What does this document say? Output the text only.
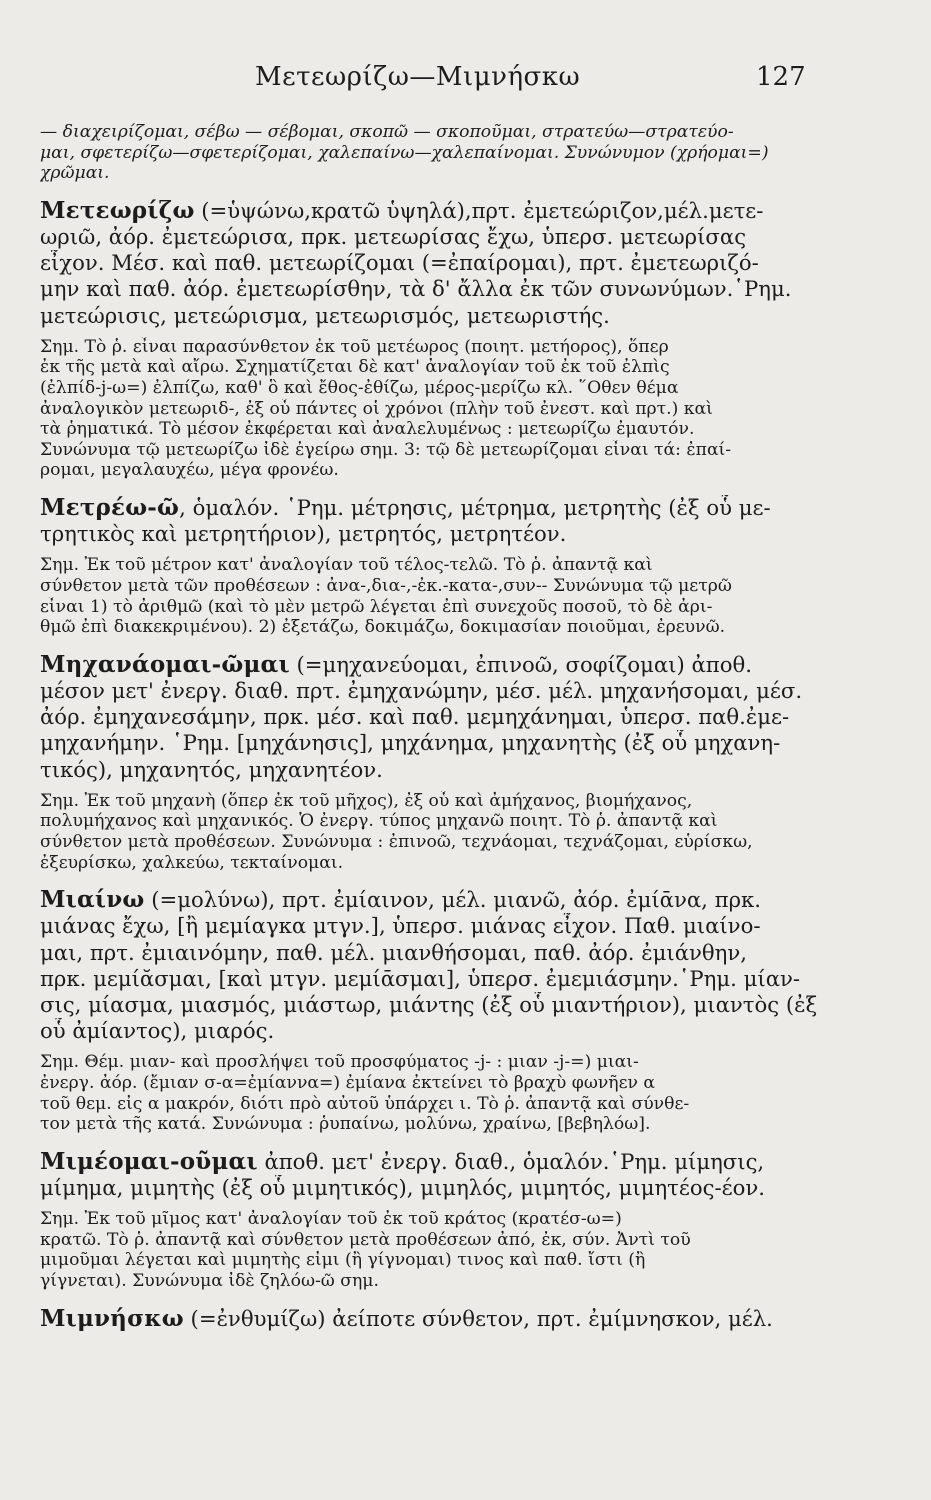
Μετεωρίζω—Μιμνήσκω	127
— διαχειρίζομαι, σέβω — σέβομαι, σκοπῶ — σκοποῦμαι, στρατεύω—στρατεύο-
μαι, σφετερίζω—σφετερίζομαι, χαλεπαίνω—χαλεπαίνομαι. Συνώνυμον (χρήομαι=)
χρῶμαι.
Μετεωρίζω (=ὑψώνω,κρατῶ ὑψηλά),πρτ. ἐμετεώριζον,μέλ.μετε-
ωριῶ, ἀόρ. ἐμετεώρισα, πρκ. μετεωρίσας ἔχω, ὑπερσ. μετεωρίσας
εἶχον. Μέσ. καὶ παθ. μετεωρίζομαι (=ἐπαίρομαι), πρτ. ἐμετεωριζό-
μην καὶ παθ. ἀόρ. ἐμετεωρίσθην, τὰ δ' ἄλλα ἐκ τῶν συνωνύμων.῾Ρημ.
μετεώρισις, μετεώρισμα, μετεωρισμός, μετεωριστής.
Σημ. Τὸ ῥ. εἶναι παρασύνθετον ἐκ τοῦ μετέωρος (ποιητ. μετήορος), ὅπερ
ἐκ τῆς μετὰ καὶ αἴρω. Σχηματίζεται δὲ κατ' ἀναλογίαν τοῦ ἐκ τοῦ ἐλπὶς
(ἐλπίδ-j-ω=) ἐλπίζω, καθ' ὃ καὶ ἔθος-ἐθίζω, μέρος-μερίζω κλ. ῞Οθεν θέμα
ἀναλογικὸν μετεωριδ-, ἐξ οὗ πάντες οἱ χρόνοι (πλὴν τοῦ ἐνεστ. καὶ πρτ.) καὶ
τὰ ῥηματικά. Τὸ μέσον ἐκφέρεται καὶ ἀναλελυμένως : μετεωρίζω ἐμαυτόν.
Συνώνυμα τῷ μετεωρίζω ἰδὲ ἐγείρω σημ. 3: τῷ δὲ μετεωρίζομαι εἶναι τά: ἐπαί-
ρομαι, μεγαλαυχέω, μέγα φρονέω.
Μετρέω-ῶ, ὁμαλόν. ῾Ρημ. μέτρησις, μέτρημα, μετρητὴς (ἐξ οὗ με-
τρητικὸς καὶ μετρητήριον), μετρητός, μετρητέον.
Σημ. Ἐκ τοῦ μέτρον κατ' ἀναλογίαν τοῦ τέλος-τελῶ. Τὸ ῥ. ἀπαντᾷ καὶ
σύνθετον μετὰ τῶν προθέσεων : ἀνα-,δια-,-ἐκ.-κατα-,συν-- Συνώνυμα τῷ μετρῶ
εἶναι 1) τὸ ἀριθμῶ (καὶ τὸ μὲν μετρῶ λέγεται ἐπὶ συνεχοῦς ποσοῦ, τὸ δὲ ἀρι-
θμῶ ἐπὶ διακεκριμένου). 2) ἐξετάζω, δοκιμάζω, δοκιμασίαν ποιοῦμαι, ἐρευνῶ.
Μηχανάομαι-ῶμαι (=μηχανεύομαι, ἐπινοῶ, σοφίζομαι) ἀποθ.
μέσον μετ' ἐνεργ. διαθ. πρτ. ἐμηχανώμην, μέσ. μέλ. μηχανήσομαι, μέσ.
ἀόρ. ἐμηχανεσάμην, πρκ. μέσ. καὶ παθ. μεμηχάνημαι, ὑπερσ. παθ.ἐμε-
μηχανήμην. ῾Ρημ. [μηχάνησις], μηχάνημα, μηχανητὴς (ἐξ οὗ μηχανη-
τικός), μηχανητός, μηχανητέον.
Σημ. Ἐκ τοῦ μηχανὴ (ὅπερ ἐκ τοῦ μῆχος), ἐξ οὗ καὶ ἀμήχανος, βιομήχανος,
πολυμήχανος καὶ μηχανικός. Ὁ ἐνεργ. τύπος μηχανῶ ποιητ. Τὸ ῥ. ἀπαντᾷ καὶ
σύνθετον μετὰ προθέσεων. Συνώνυμα : ἐπινοῶ, τεχνάομαι, τεχνάζομαι, εὑρίσκω,
ἐξευρίσκω, χαλκεύω, τεκταίνομαι.
Μιαίνω (=μολύνω), πρτ. ἐμίαινον, μέλ. μιανῶ, ἀόρ. ἐμίᾱνα, πρκ.
μιάνας ἔχω, [ἢ μεμίαγκα μτγν.], ὑπερσ. μιάνας εἶχον. Παθ. μιαίνο-
μαι, πρτ. ἐμιαινόμην, παθ. μέλ. μιανθήσομαι, παθ. ἀόρ. ἐμιάνθην,
πρκ. μεμίᾰσμαι, [καὶ μτγν. μεμίᾱσμαι], ὑπερσ. ἐμεμιάσμην.῾Ρημ. μίαν-
σις, μίασμα, μιασμός, μιάστωρ, μιάντης (ἐξ οὗ μιαντήριον), μιαντὸς (ἐξ
οὗ ἀμίαντος), μιαρός.
Σημ. Θέμ. μιαν- καὶ προσλήψει τοῦ προσφύματος -j- : μιαν -j-=) μιαι-
ἐνεργ. ἀόρ. (ἔμιαν σ-α=ἐμίαννα=) ἐμίανα ἐκτείνει τὸ βραχὺ φωνῆεν α
τοῦ θεμ. εἰς α μακρόν, διότι πρὸ αὐτοῦ ὑπάρχει ι. Τὸ ῥ. ἀπαντᾷ καὶ σύνθε-
τον μετὰ τῆς κατά. Συνώνυμα : ῥυπαίνω, μολύνω, χραίνω, [βεβηλόω].
Μιμέομαι-οῦμαι ἀποθ. μετ' ἐνεργ. διαθ., ὁμαλόν.῾Ρημ. μίμησις,
μίμημα, μιμητὴς (ἐξ οὗ μιμητικός), μιμηλός, μιμητός, μιμητέος-έον.
Σημ. Ἐκ τοῦ μῖμος κατ' ἀναλογίαν τοῦ ἐκ τοῦ κράτος (κρατέσ-ω=)
κρατῶ. Τὸ ῥ. ἀπαντᾷ καὶ σύνθετον μετὰ προθέσεων ἀπό, ἐκ, σύν. Ἀντὶ τοῦ
μιμοῦμαι λέγεται καὶ μιμητὴς εἰμι (ἢ γίγνομαι) τινος καὶ παθ. ἴστι (ἢ
γίγνεται). Συνώνυμα ἰδὲ ζηλόω-ῶ σημ.
Μιμνήσκω (=ἐνθυμίζω) ἀείποτε σύνθετον, πρτ. ἐμίμνησκον, μέλ.
